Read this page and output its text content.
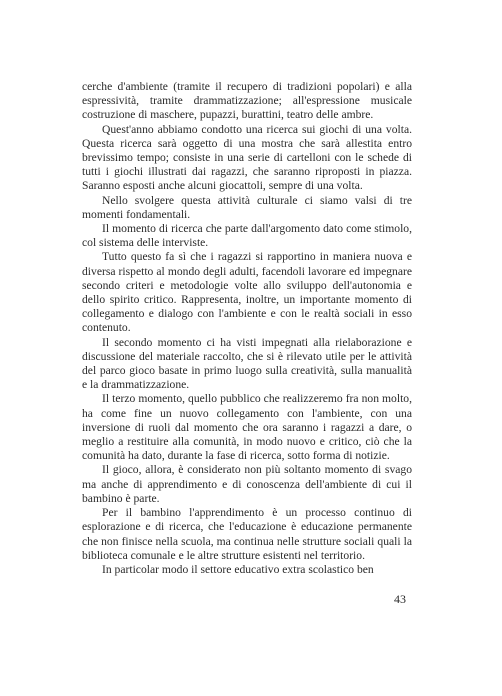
cerche d'ambiente (tramite il recupero di tradizioni popolari) e alla espressività, tramite drammatizzazione; all'espressione musicale costruzione di maschere, pupazzi, burattini, teatro delle ambre.

Quest'anno abbiamo condotto una ricerca sui giochi di una volta. Questa ricerca sarà oggetto di una mostra che sarà allestita entro brevissimo tempo; consiste in una serie di cartelloni con le schede di tutti i giochi illustrati dai ragazzi, che saranno riproposti in piazza. Saranno esposti anche alcuni giocattoli, sempre di una volta.

Nello svolgere questa attività culturale ci siamo valsi di tre momenti fondamentali.

Il momento di ricerca che parte dall'argomento dato come stimolo, col sistema delle interviste.

Tutto questo fa sì che i ragazzi si rapportino in maniera nuova e diversa rispetto al mondo degli adulti, facendoli lavorare ed impegnare secondo criteri e metodologie volte allo sviluppo dell'autonomia e dello spirito critico. Rappresenta, inoltre, un importante momento di collegamento e dialogo con l'ambiente e con le realtà sociali in esso contenuto.

Il secondo momento ci ha visti impegnati alla rielaborazione e discussione del materiale raccolto, che si è rilevato utile per le attività del parco gioco basate in primo luogo sulla creatività, sulla manualità e la drammatizzazione.

Il terzo momento, quello pubblico che realizzeremo fra non molto, ha come fine un nuovo collegamento con l'ambiente, con una inversione di ruoli dal momento che ora saranno i ragazzi a dare, o meglio a restituire alla comunità, in modo nuovo e critico, ciò che la comunità ha dato, durante la fase di ricerca, sotto forma di notizie.

Il gioco, allora, è considerato non più soltanto momento di svago ma anche di apprendimento e di conoscenza dell'ambiente di cui il bambino è parte.

Per il bambino l'apprendimento è un processo continuo di esplorazione e di ricerca, che l'educazione è educazione permanente che non finisce nella scuola, ma continua nelle strutture sociali quali la biblioteca comunale e le altre strutture esistenti nel territorio.

In particolar modo il settore educativo extra scolastico ben

43
